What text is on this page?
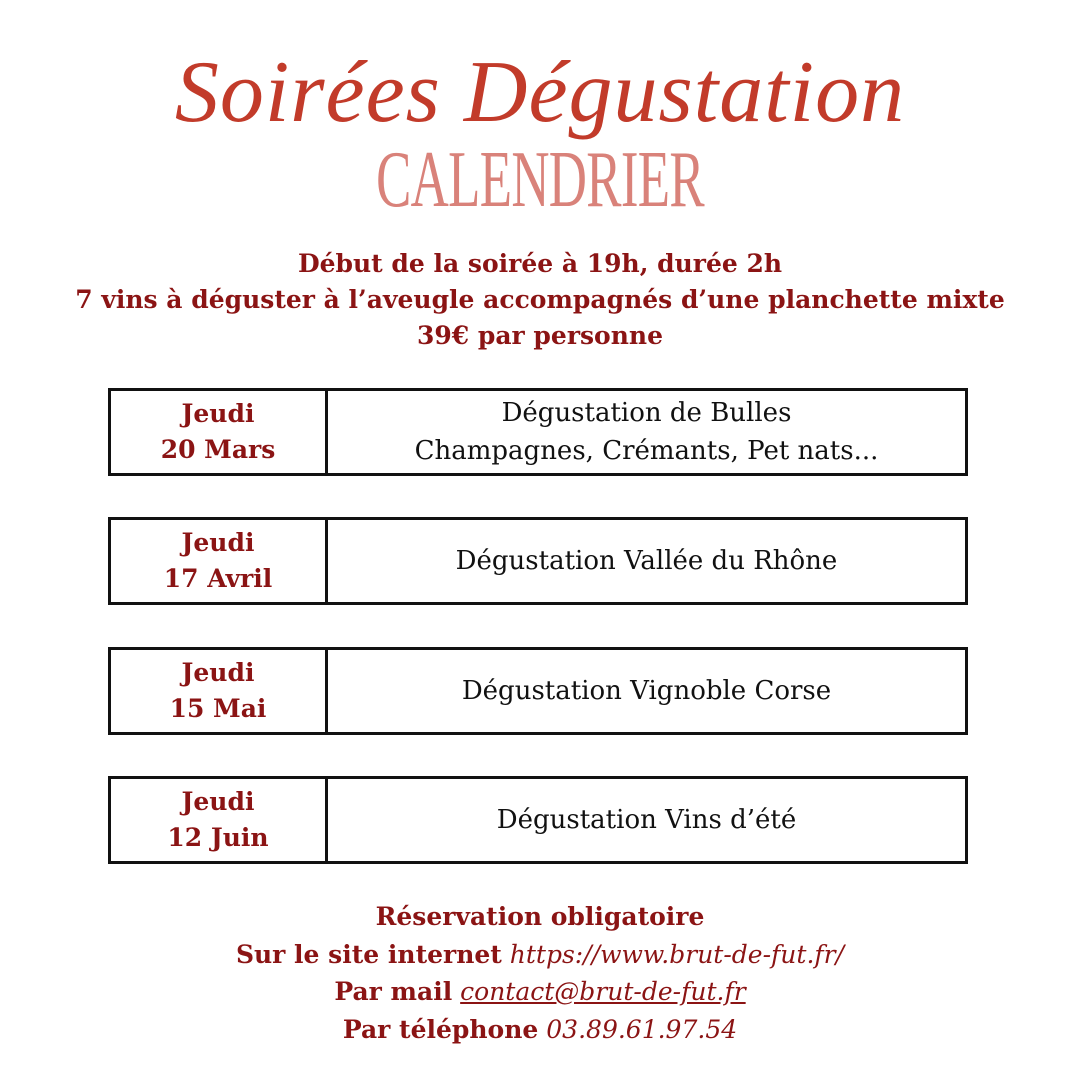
Soirées Dégustation
CALENDRIER
Début de la soirée à 19h, durée 2h
7 vins à déguster à l’aveugle accompagnés d’une planchette mixte
39€ par personne
Jeudi
20 Mars
Dégustation de Bulles
Champagnes, Crémants, Pet nats...
Jeudi
17 Avril
Dégustation Vallée du Rhône
Jeudi
15 Mai
Dégustation Vignoble Corse
Jeudi
12 Juin
Dégustation Vins d’été
Réservation obligatoire
Sur le site internet https://www.brut-de-fut.fr/
Par mail contact@brut-de-fut.fr
Par téléphone 03.89.61.97.54
